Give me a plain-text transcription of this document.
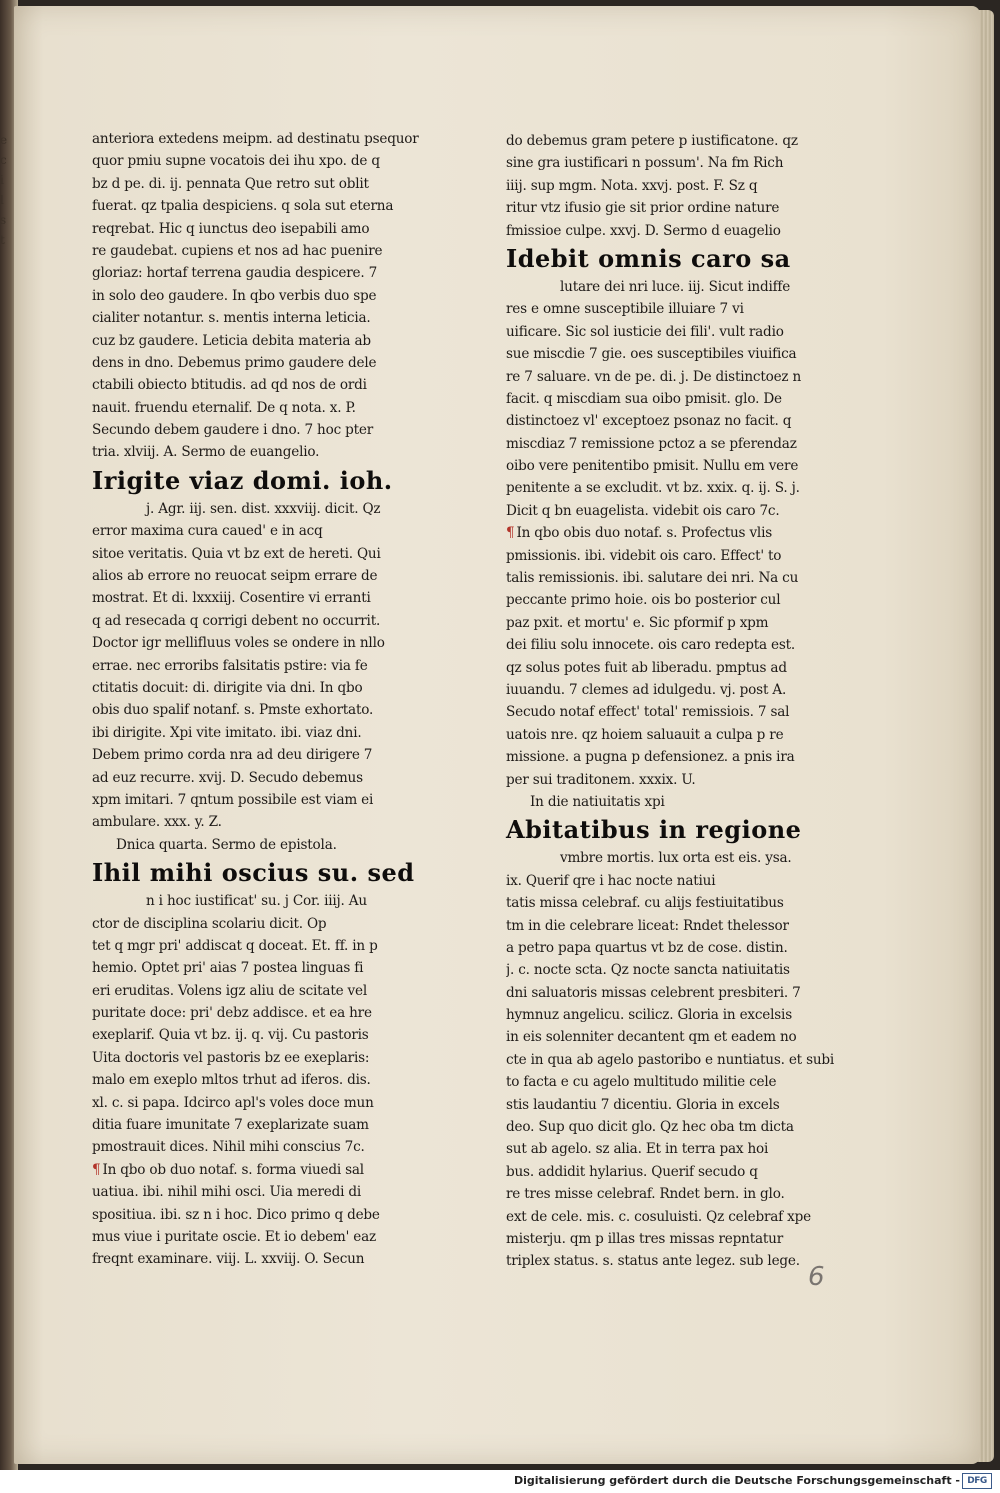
e
c
i
l
s
t
anteriora extedens meipm. ad destinatu psequor
quor pmiu supne vocatois dei ihu xpo. de q
bz d pe. di. ij. pennata Que retro sut oblit
fuerat. qz tpalia despiciens. q sola sut eterna
reqrebat. Hic q iunctus deo isepabili amo
re gaudebat. cupiens et nos ad hac puenire
gloriaz: hortaf terrena gaudia despicere. 7
in solo deo gaudere. In qbo verbis duo spe
cialiter notantur. s. mentis interna leticia.
cuz bz gaudere. Leticia debita materia ab
dens in dno. Debemus primo gaudere dele
ctabili obiecto btitudis. ad qd nos de ordi
nauit. fruendu eternalif. De q nota. x. P.
Secundo debem gaudere i dno. 7 hoc pter
tria. xlviij. A. Sermo de euangelio.
Irigite viaz domi. ioh.
j. Agr. iij. sen. dist. xxxviij. dicit. Qz
error maxima cura caued' e in acq
sitoe veritatis. Quia vt bz ext de hereti. Qui
alios ab errore no reuocat seipm errare de
mostrat. Et di. lxxxiij. Cosentire vi erranti
q ad resecada q corrigi debent no occurrit.
Doctor igr mellifluus voles se ondere in nllo
errae. nec erroribs falsitatis pstire: via fe
ctitatis docuit: di. dirigite via dni. In qbo
obis duo spalif notanf. s. Pmste exhortato.
ibi dirigite. Xpi vite imitato. ibi. viaz dni.
Debem primo corda nra ad deu dirigere 7
ad euz recurre. xvij. D. Secudo debemus
xpm imitari. 7 qntum possibile est viam ei
ambulare. xxx. y. Z.
Dnica quarta. Sermo de epistola.
Ihil mihi oscius su. sed
n i hoc iustificat' su. j Cor. iiij. Au
ctor de disciplina scolariu dicit. Op
tet q mgr pri' addiscat q doceat. Et. ff. in p
hemio. Optet pri' aias 7 postea linguas fi
eri eruditas. Volens igz aliu de scitate vel
puritate doce: pri' debz addisce. et ea hre
exeplarif. Quia vt bz. ij. q. vij. Cu pastoris
Uita doctoris vel pastoris bz ee exeplaris:
malo em exeplo mltos trhut ad iferos. dis.
xl. c. si papa. Idcirco apl's voles doce mun
ditia fuare imunitate 7 exeplarizate suam
pmostrauit dices. Nihil mihi conscius 7c.
¶ In qbo ob duo notaf. s. forma viuedi sal
uatiua. ibi. nihil mihi osci. Uia meredi di
spositiua. ibi. sz n i hoc. Dico primo q debe
mus viue i puritate oscie. Et io debem' eaz
freqnt examinare. viij. L. xxviij. O. Secun
do debemus gram petere p iustificatone. qz
sine gra iustificari n possum'. Na fm Rich
iiij. sup mgm. Nota. xxvj. post. F. Sz q
ritur vtz ifusio gie sit prior ordine nature
fmissioe culpe. xxvj. D. Sermo d euagelio
Idebit omnis caro sa
lutare dei nri luce. iij. Sicut indiffe
res e omne susceptibile illuiare 7 vi
uificare. Sic sol iusticie dei fili'. vult radio
sue miscdie 7 gie. oes susceptibiles viuifica
re 7 saluare. vn de pe. di. j. De distinctoez n
facit. q miscdiam sua oibo pmisit. glo. De
distinctoez vl' exceptoez psonaz no facit. q
miscdiaz 7 remissione pctoz a se pferendaz
oibo vere penitentibo pmisit. Nullu em vere
penitente a se excludit. vt bz. xxix. q. ij. S. j.
Dicit q bn euagelista. videbit ois caro 7c.
¶ In qbo obis duo notaf. s. Profectus vlis
pmissionis. ibi. videbit ois caro. Effect' to
talis remissionis. ibi. salutare dei nri. Na cu
peccante primo hoie. ois bo posterior cul
paz pxit. et mortu' e. Sic pformif p xpm
dei filiu solu innocete. ois caro redepta est.
qz solus potes fuit ab liberadu. pmptus ad
iuuandu. 7 clemes ad idulgedu. vj. post A.
Secudo notaf effect' total' remissiois. 7 sal
uatois nre. qz hoiem saluauit a culpa p re
missione. a pugna p defensionez. a pnis ira
per sui traditonem. xxxix. U.
In die natiuitatis xpi
Abitatibus in regione
vmbre mortis. lux orta est eis. ysa.
ix. Querif qre i hac nocte natiui
tatis missa celebraf. cu alijs festiuitatibus
tm in die celebrare liceat: Rndet thelessor
a petro papa quartus vt bz de cose. distin.
j. c. nocte scta. Qz nocte sancta natiuitatis
dni saluatoris missas celebrent presbiteri. 7
hymnuz angelicu. scilicz. Gloria in excelsis
in eis solenniter decantent qm et eadem no
cte in qua ab agelo pastoribo e nuntiatus. et subi
to facta e cu agelo multitudo militie cele
stis laudantiu 7 dicentiu. Gloria in excels
deo. Sup quo dicit glo. Qz hec oba tm dicta
sut ab agelo. sz alia. Et in terra pax hoi
bus. addidit hylarius. Querif secudo q
re tres misse celebraf. Rndet bern. in glo.
ext de cele. mis. c. cosuluisti. Qz celebraf xpe
misterju. qm p illas tres missas repntatur
triplex status. s. status ante legez. sub lege.
6
Digitalisierung gefördert durch die Deutsche Forschungsgemeinschaft - DFG
